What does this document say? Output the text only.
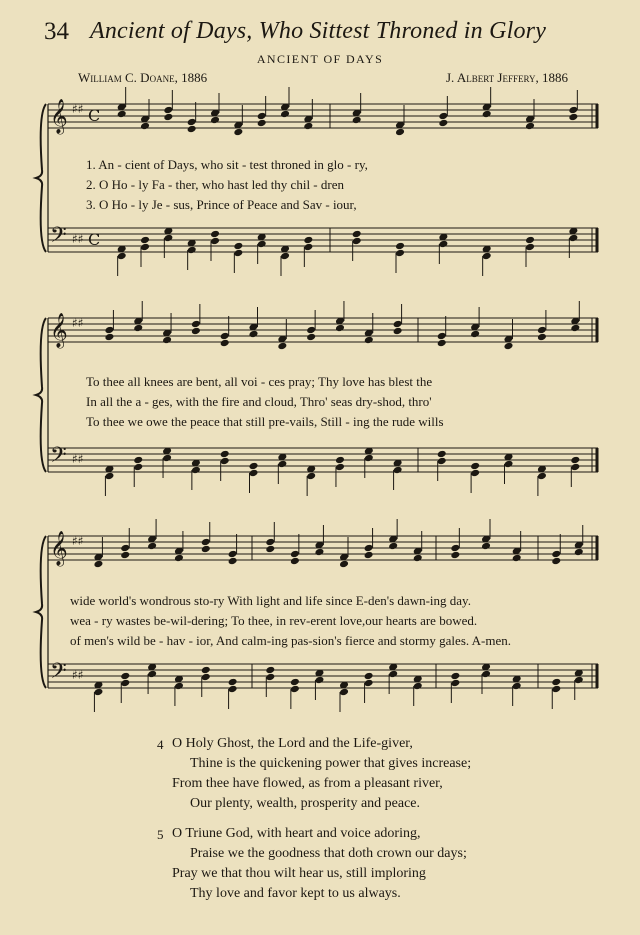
34 Ancient of Days, Who Sittest Throned in Glory
ANCIENT OF DAYS
William C. Doane, 1886	J. Albert Jeffery, 1886
𝄞
𝄢
♯♯
♯♯
C
C
𝄞
𝄢
♯♯
♯♯
𝄞
𝄢
♯♯
♯♯
1. An - cient of Days, who sit - test throned in glo - ry,
2. O Ho - ly Fa - ther, who hast led thy chil - dren
3. O Ho - ly Je - sus, Prince of Peace and Sav - iour,
To thee all knees are bent, all voi - ces pray; Thy love has blest the
In all the a - ges, with the fire and cloud, Thro' seas dry-shod, thro'
To thee we owe the peace that still pre-vails, Still - ing the rude wills
wide world's wondrous sto-ry With light and life since E-den's dawn-ing day.
wea - ry wastes be-wil-dering; To thee, in rev-erent love,our hearts are bowed.
of men's wild be - hav - ior, And calm-ing pas-sion's fierce and stormy gales. A-men.
4 O Holy Ghost, the Lord and the Life-giver,
Thine is the quickening power that gives increase;
From thee have flowed, as from a pleasant river,
Our plenty, wealth, prosperity and peace.
5 O Triune God, with heart and voice adoring,
Praise we the goodness that doth crown our days;
Pray we that thou wilt hear us, still imploring
Thy love and favor kept to us always.
